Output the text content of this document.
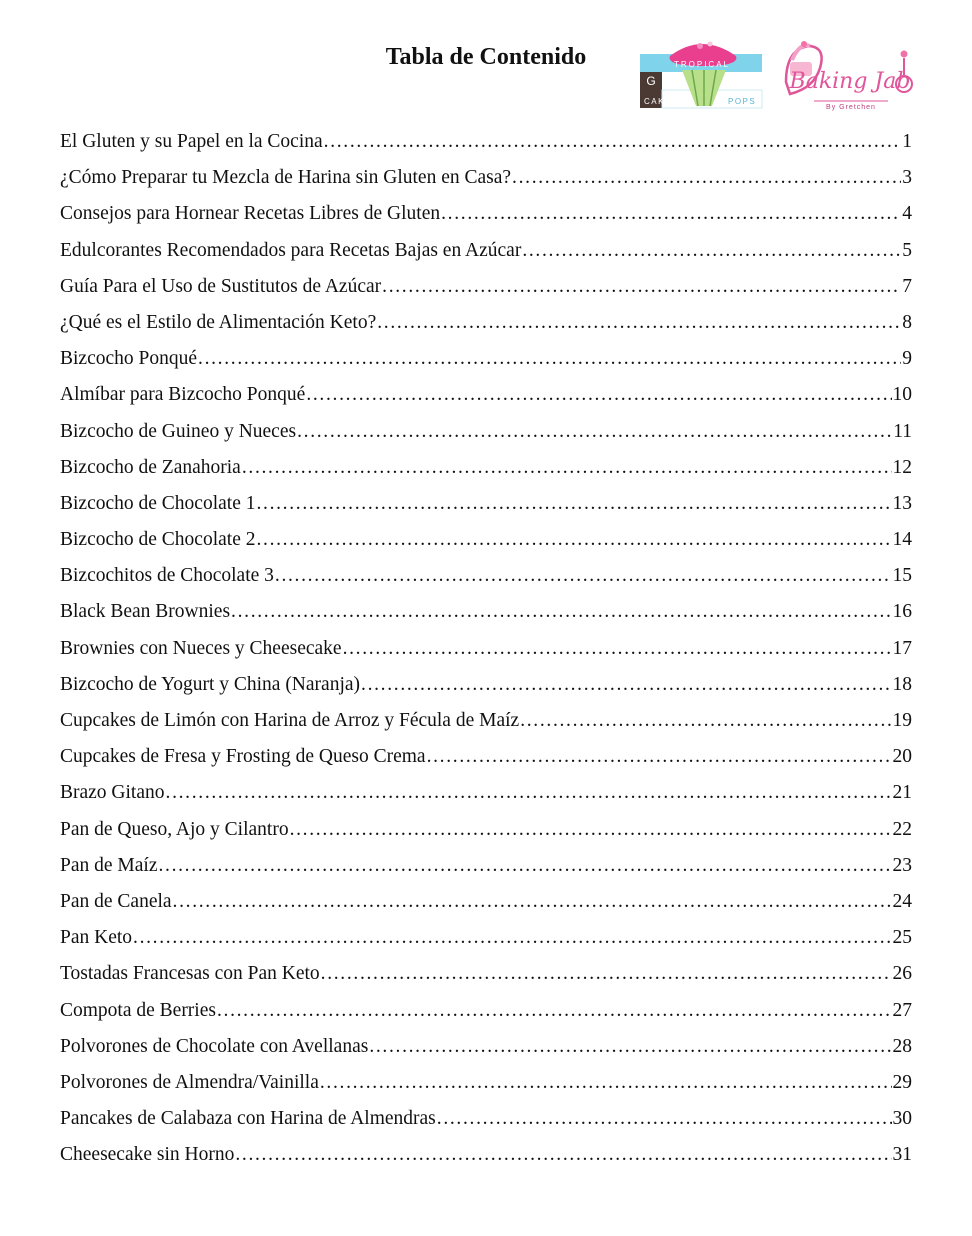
Tabla de Contenido	TROPICAL
G
CAKE	POPS
Baking Jab
By Gretchen
El Gluten y su Papel en la Cocina . . .	1
¿Cómo Preparar tu Mezcla de Harina sin Gluten en Casa? . . .	3
Consejos para Hornear Recetas Libres de Gluten . . .	4
Edulcorantes Recomendados para Recetas Bajas en Azúcar . . .	5
Guía Para el Uso de Sustitutos de Azúcar . . .	7
¿Qué es el Estilo de Alimentación Keto? . . .	8
Bizcocho Ponqué . . .	9
Almíbar para Bizcocho Ponqué . . .	10
Bizcocho de Guineo y Nueces . . .	11
Bizcocho de Zanahoria . . .	12
Bizcocho de Chocolate 1 . . .	13
Bizcocho de Chocolate 2 . . .	14
Bizcochitos de Chocolate 3 . . .	15
Black Bean Brownies . . .	16
Brownies con Nueces y Cheesecake . . .	17
Bizcocho de Yogurt y China (Naranja) . . .	18
Cupcakes de Limón con Harina de Arroz y Fécula de Maíz . . .	19
Cupcakes de Fresa y Frosting de Queso Crema . . .	20
Brazo Gitano . . .	21
Pan de Queso, Ajo y Cilantro . . .	22
Pan de Maíz . . .	23
Pan de Canela . . .	24
Pan Keto . . .	25
Tostadas Francesas con Pan Keto . . .	26
Compota de Berries . . .	27
Polvorones de Chocolate con Avellanas . . .	28
Polvorones de Almendra/Vainilla . . .	29
Pancakes de Calabaza con Harina de Almendras . . .	30
Cheesecake sin Horno . . .	31
